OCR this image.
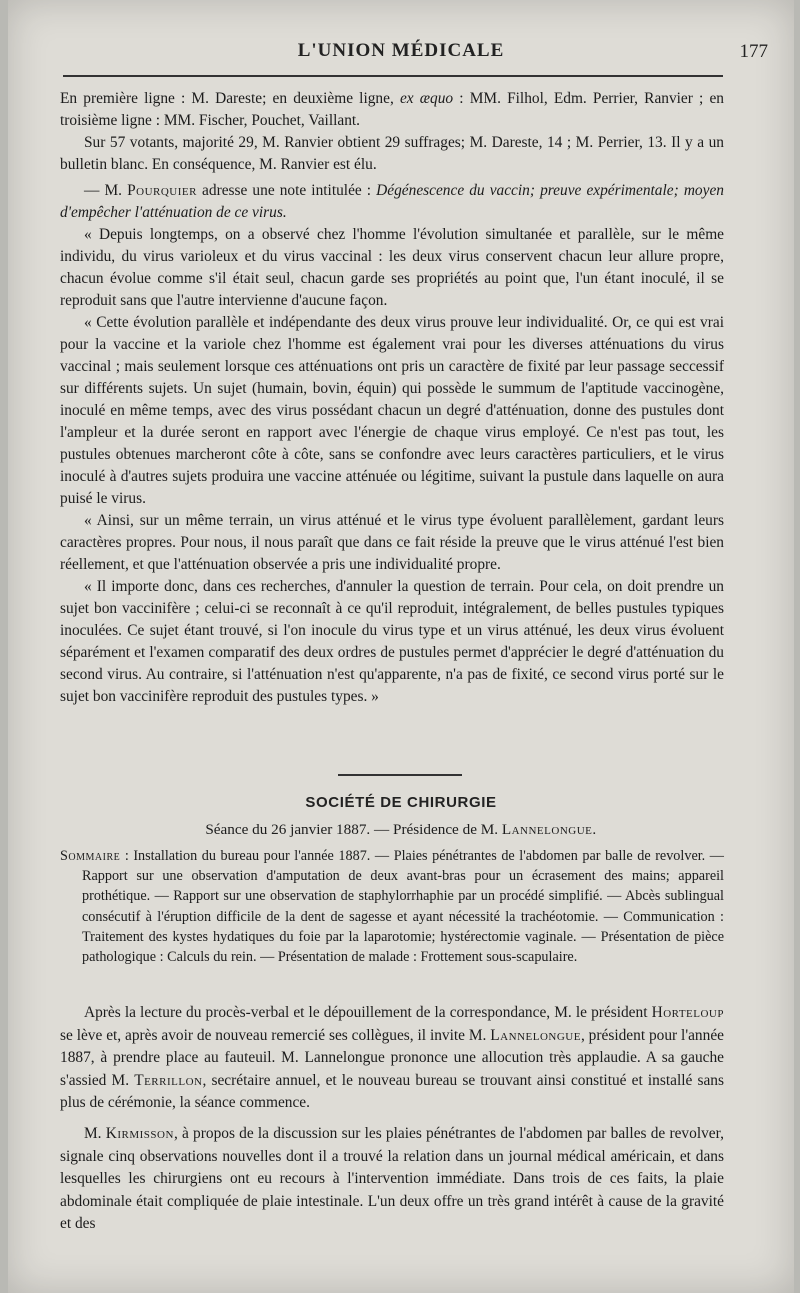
L'UNION MÉDICALE	177

En première ligne : M. Dareste; en deuxième ligne, ex æquo : MM. Filhol, Edm. Perrier, Ranvier ; en troisième ligne : MM. Fischer, Pouchet, Vaillant.

Sur 57 votants, majorité 29, M. Ranvier obtient 29 suffrages; M. Dareste, 14 ; M. Perrier, 13. Il y a un bulletin blanc. En conséquence, M. Ranvier est élu.

— M. Pourquier adresse une note intitulée : Dégénescence du vaccin; preuve expérimentale; moyen d'empêcher l'atténuation de ce virus.

« Depuis longtemps, on a observé chez l'homme l'évolution simultanée et parallèle, sur le même individu, du virus varioleux et du virus vaccinal : les deux virus conservent chacun leur allure propre, chacun évolue comme s'il était seul, chacun garde ses propriétés au point que, l'un étant inoculé, il se reproduit sans que l'autre intervienne d'aucune façon.

« Cette évolution parallèle et indépendante des deux virus prouve leur individualité. Or, ce qui est vrai pour la vaccine et la variole chez l'homme est également vrai pour les diverses atténuations du virus vaccinal ; mais seulement lorsque ces atténuations ont pris un caractère de fixité par leur passage seccessif sur différents sujets. Un sujet (humain, bovin, équin) qui possède le summum de l'aptitude vaccinogène, inoculé en même temps, avec des virus possédant chacun un degré d'atténuation, donne des pustules dont l'ampleur et la durée seront en rapport avec l'énergie de chaque virus employé. Ce n'est pas tout, les pustules obtenues marcheront côte à côte, sans se confondre avec leurs caractères particuliers, et le virus inoculé à d'autres sujets produira une vaccine atténuée ou légitime, suivant la pustule dans laquelle on aura puisé le virus.

« Ainsi, sur un même terrain, un virus atténué et le virus type évoluent parallèlement, gardant leurs caractères propres. Pour nous, il nous paraît que dans ce fait réside la preuve que le virus atténué l'est bien réellement, et que l'atténuation observée a pris une individualité propre.

« Il importe donc, dans ces recherches, d'annuler la question de terrain. Pour cela, on doit prendre un sujet bon vaccinifère ; celui-ci se reconnaît à ce qu'il reproduit, intégralement, de belles pustules typiques inoculées. Ce sujet étant trouvé, si l'on inocule du virus type et un virus atténué, les deux virus évoluent séparément et l'examen comparatif des deux ordres de pustules permet d'apprécier le degré d'atténuation du second virus. Au contraire, si l'atténuation n'est qu'apparente, n'a pas de fixité, ce second virus porté sur le sujet bon vaccinifère reproduit des pustules types. »

SOCIÉTÉ DE CHIRURGIE
Séance du 26 janvier 1887. — Présidence de M. Lannelongue.
Sommaire : Installation du bureau pour l'année 1887. — Plaies pénétrantes de l'abdomen par balle de revolver. — Rapport sur une observation d'amputation de deux avant-bras pour un écrasement des mains; appareil prothétique. — Rapport sur une observation de staphylorrhaphie par un procédé simplifié. — Abcès sublingual consécutif à l'éruption difficile de la dent de sagesse et ayant nécessité la trachéotomie. — Communication : Traitement des kystes hydatiques du foie par la laparotomie; hystérectomie vaginale. — Présentation de pièce pathologique : Calculs du rein. — Présentation de malade : Frottement sous-scapulaire.

Après la lecture du procès-verbal et le dépouillement de la correspondance, M. le président Horteloup se lève et, après avoir de nouveau remercié ses collègues, il invite M. Lannelongue, président pour l'année 1887, à prendre place au fauteuil. M. Lannelongue prononce une allocution très applaudie. A sa gauche s'assied M. Terrillon, secrétaire annuel, et le nouveau bureau se trouvant ainsi constitué et installé sans plus de cérémonie, la séance commence.

M. Kirmisson, à propos de la discussion sur les plaies pénétrantes de l'abdomen par balles de revolver, signale cinq observations nouvelles dont il a trouvé la relation dans un journal médical américain, et dans lesquelles les chirurgiens ont eu recours à l'intervention immédiate. Dans trois de ces faits, la plaie abdominale était compliquée de plaie intestinale. L'un deux offre un très grand intérêt à cause de la gravité et des
